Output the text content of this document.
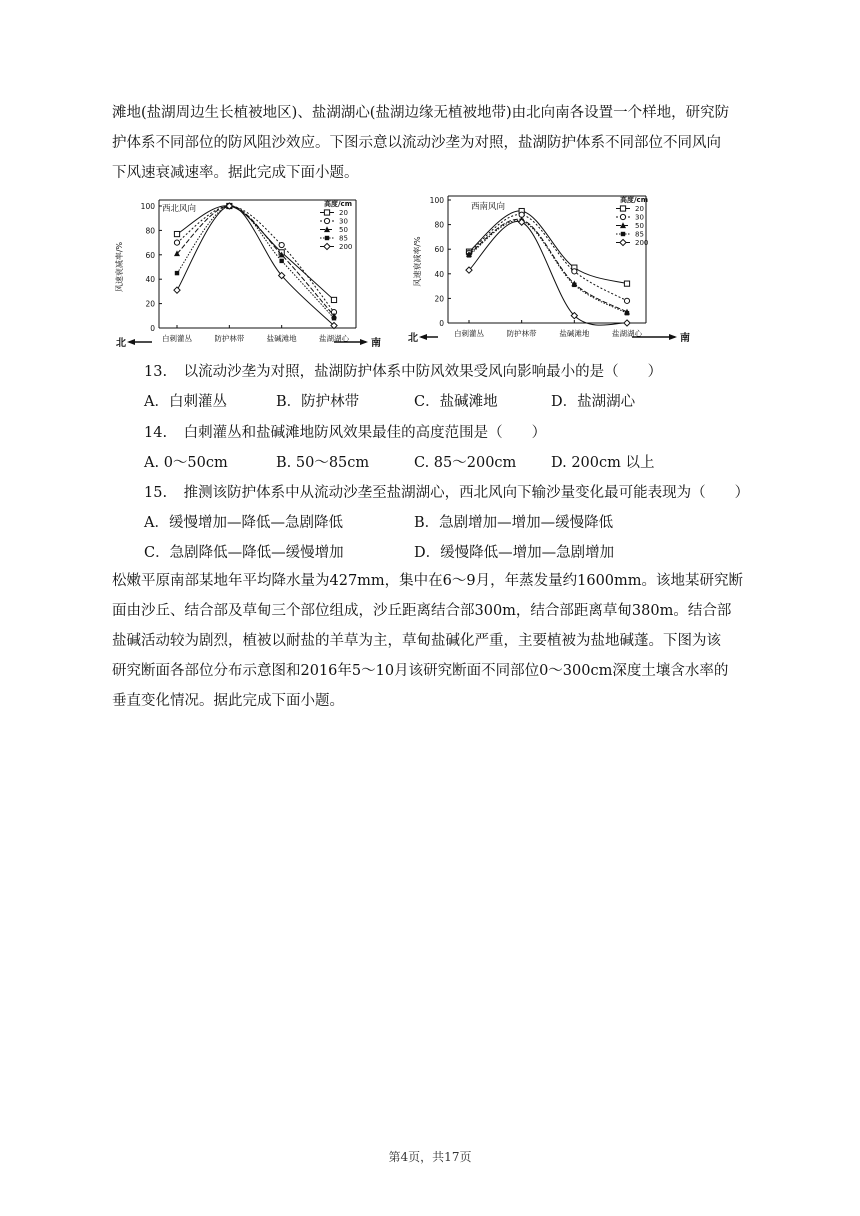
滩地(盐湖周边生长植被地区)、盐湖湖心(盐湖边缘无植被地带)由北向南各设置一个样地，研究防
护体系不同部位的防风阻沙效应。下图示意以流动沙垄为对照，盐湖防护体系不同部位不同风向
下风速衰减速率。据此完成下面小题。
0
20
40
60
80
100
风速衰减率/%
白刺灌丛	防护林带	盐碱滩地	盐湖湖心
北	南
西北风向	高度/cm
20
30
50
85
200
0
20
40
60
80
100
风速衰减率/%
白刺灌丛	防护林带	盐碱滩地	盐湖湖心
北	南
西南风向
高度/cm
20
30
50
85
200
13. 以流动沙垄为对照，盐湖防护体系中防风效果受风向影响最小的是（　　）
A．白刺灌丛	B．防护林带	C．盐碱滩地	D．盐湖湖心
14. 白刺灌丛和盐碱滩地防风效果最佳的高度范围是（　　）
A. 0～50cm	B. 50～85cm	C. 85～200cm D. 200cm 以上
15. 推测该防护体系中从流动沙垄至盐湖湖心，西北风向下输沙量变化最可能表现为（　　）
A．缓慢增加—降低—急剧降低	B．急剧增加—增加—缓慢降低
C．急剧降低—降低—缓慢增加	D．缓慢降低—增加—急剧增加
松嫩平原南部某地年平均降水量为427mm，集中在6～9月，年蒸发量约1600mm。该地某研究断
面由沙丘、结合部及草甸三个部位组成，沙丘距离结合部300m，结合部距离草甸380m。结合部
盐碱活动较为剧烈，植被以耐盐的羊草为主，草甸盐碱化严重，主要植被为盐地碱蓬。下图为该
研究断面各部位分布示意图和2016年5～10月该研究断面不同部位0～300cm深度土壤含水率的
垂直变化情况。据此完成下面小题。
第4页，共17页
